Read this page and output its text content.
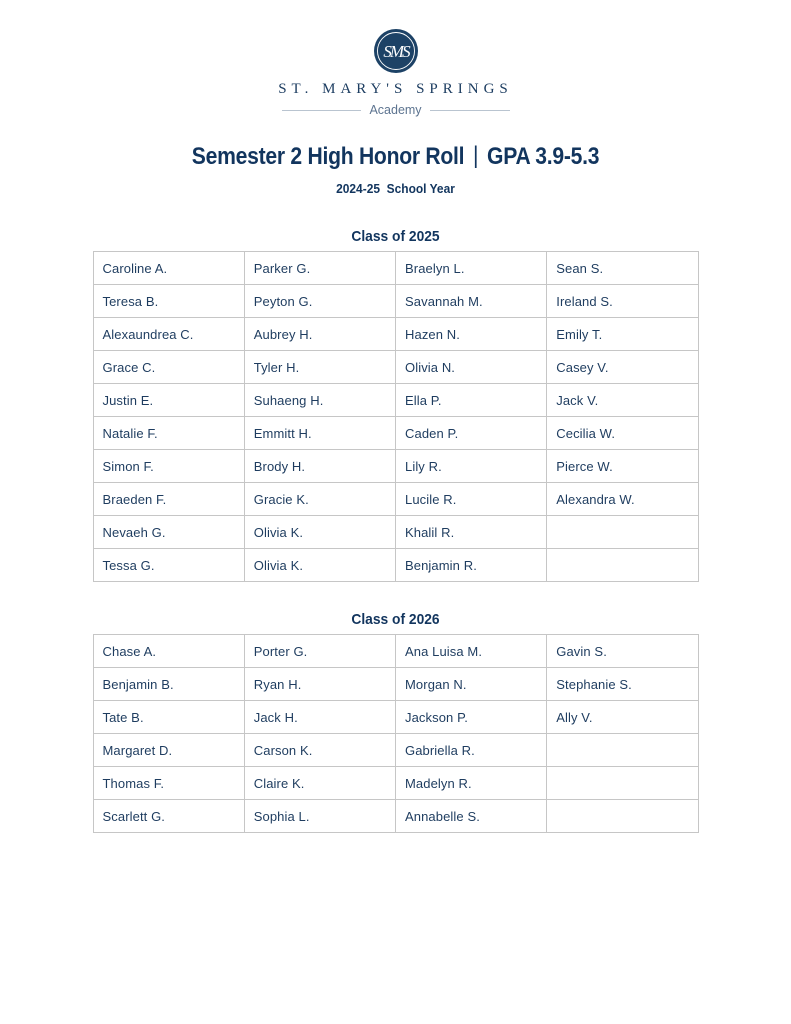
SMS
ST. MARY'S SPRINGS
Academy
Semester 2 High Honor Roll | GPA 3.9-5.3
2024-25  School Year
Class of 2025
Caroline A.	Parker G.	Braelyn L.	Sean S.
Teresa B.	Peyton G.	Savannah M.	Ireland S.
Alexaundrea C.	Aubrey H.	Hazen N.	Emily T.
Grace C.	Tyler H.	Olivia N.	Casey V.
Justin E.	Suhaeng H.	Ella P.	Jack V.
Natalie F.	Emmitt H.	Caden P.	Cecilia W.
Simon F.	Brody H.	Lily R.	Pierce W.
Braeden F.	Gracie K.	Lucile R.	Alexandra W.
Nevaeh G.	Olivia K.	Khalil R.	
Tessa G.	Olivia K.	Benjamin R.	
Class of 2026
Chase A.	Porter G.	Ana Luisa M.	Gavin S.
Benjamin B.	Ryan H.	Morgan N.	Stephanie S.
Tate B.	Jack H.	Jackson P.	Ally V.
Margaret D.	Carson K.	Gabriella R.	
Thomas F.	Claire K.	Madelyn R.	
Scarlett G.	Sophia L.	Annabelle S.	
